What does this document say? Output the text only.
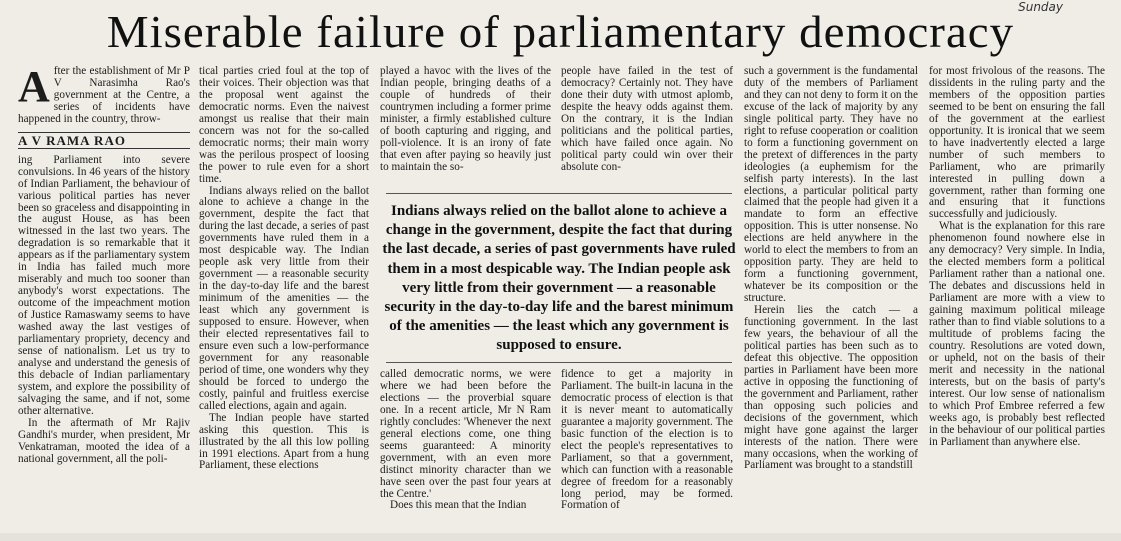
Sunday
Miserable failure of parliamentary democracy
A fter the establishment of Mr P V Narasimha Rao's government at the Centre, a series of incidents have happened in the country, throw-

A V RAMA RAO

ing Parliament into severe convulsions. In 46 years of the history of Indian Parliament, the behaviour of various political parties has never been so graceless and disappointing in the august House, as has been witnessed in the last two years. The degradation is so remarkable that it appears as if the parliamentary system in India has failed much more miserably and much too sooner than anybody's worst expectations. The outcome of the impeachment motion of Justice Ramaswamy seems to have washed away the last vestiges of parliamentary propriety, decency and sense of nationalism. Let us try to analyse and understand the genesis of this debacle of Indian parliamentary system, and explore the possibility of salvaging the same, and if not, some other alternative.

In the aftermath of Mr Rajiv Gandhi's murder, when president, Mr Venkatraman, mooted the idea of a national government, all the poli-

tical parties cried foul at the top of their voices. Their objection was that the proposal went against the democratic norms. Even the naivest amongst us realise that their main concern was not for the so-called democratic norms; their main worry was the perilous prospect of loosing the power to rule even for a short time.

Indians always relied on the ballot alone to achieve a change in the government, despite the fact that during the last decade, a series of past governments have ruled them in a most despicable way. The Indian people ask very little from their government — a reasonable security in the day-to-day life and the barest minimum of the amenities — the least which any government is supposed to ensure. However, when their elected representatives fail to ensure even such a low-performance government for any reasonable period of time, one wonders why they should be forced to undergo the costly, painful and fruitless exercise called elections, again and again.

The Indian people have started asking this question. This is illustrated by the all this low polling in 1991 elections. Apart from a hung Parliament, these elections

played a havoc with the lives of the Indian people, bringing deaths of a couple of hundreds of their countrymen including a former prime minister, a firmly established culture of booth capturing and rigging, and poll-violence. It is an irony of fate that even after paying so heavily just to maintain the so-

people have failed in the test of democracy? Certainly not. They have done their duty with utmost aplomb, despite the heavy odds against them. On the contrary, it is the Indian politicians and the political parties, which have failed once again. No political party could win over their absolute con-

Indians always relied on the ballot alone to achieve a change in the government, despite the fact that during the last decade, a series of past governments have ruled them in a most despicable way. The Indian people ask very little from their government — a reasonable security in the day-to-day life and the barest minimum of the amenities — the least which any government is supposed to ensure.

called democratic norms, we were where we had been before the elections — the proverbial square one. In a recent article, Mr N Ram rightly concludes: 'Whenever the next general elections come, one thing seems guaranteed: A minority government, with an even more distinct minority character than we have seen over the past four years at the Centre.'

Does this mean that the Indian

fidence to get a majority in Parliament. The built-in lacuna in the democratic process of election is that it is never meant to automatically guarantee a majority government. The basic function of the election is to elect the people's representatives to Parliament, so that a government, which can function with a reasonable degree of freedom for a reasonably long period, may be formed. Formation of

such a government is the fundamental duty of the members of Parliament and they can not deny to form it on the excuse of the lack of majority by any single political party. They have no right to refuse cooperation or coalition to form a functioning government on the pretext of differences in the party ideologies (a euphemism for the selfish party interests). In the last elections, a particular political party claimed that the people had given it a mandate to form an effective opposition. This is utter nonsense. No elections are held anywhere in the world to elect the members to from an opposition party. They are held to form a functioning government, whatever be its composition or the structure.

Herein lies the catch — a functioning government. In the last few years, the behaviour of all the political parties has been such as to defeat this objective. The opposition parties in Parliament have been more active in opposing the functioning of the government and Parliament, rather than opposing such policies and decisions of the government, which might have gone against the larger interests of the nation. There were many occasions, when the working of Parliament was brought to a standstill

for most frivolous of the reasons. The dissidents in the ruling party and the members of the opposition parties seemed to be bent on ensuring the fall of the government at the earliest opportunity. It is ironical that we seem to have inadvertently elected a large number of such members to Parliament, who are primarily interested in pulling down a government, rather than forming one and ensuring that it functions successfully and judiciously.

What is the explanation for this rare phenomenon found nowhere else in any democracy? Very simple. In India, the elected members form a political Parliament rather than a national one. The debates and discussions held in Parliament are more with a view to gaining maximum political mileage rather than to find viable solutions to a multitude of problems facing the country. Resolutions are voted down, or upheld, not on the basis of their merit and necessity in the national interests, but on the basis of party's interest. Our low sense of nationalism to which Prof Embree referred a few weeks ago, is probably best reflected in the behaviour of our political parties in Parliament than anywhere else.
